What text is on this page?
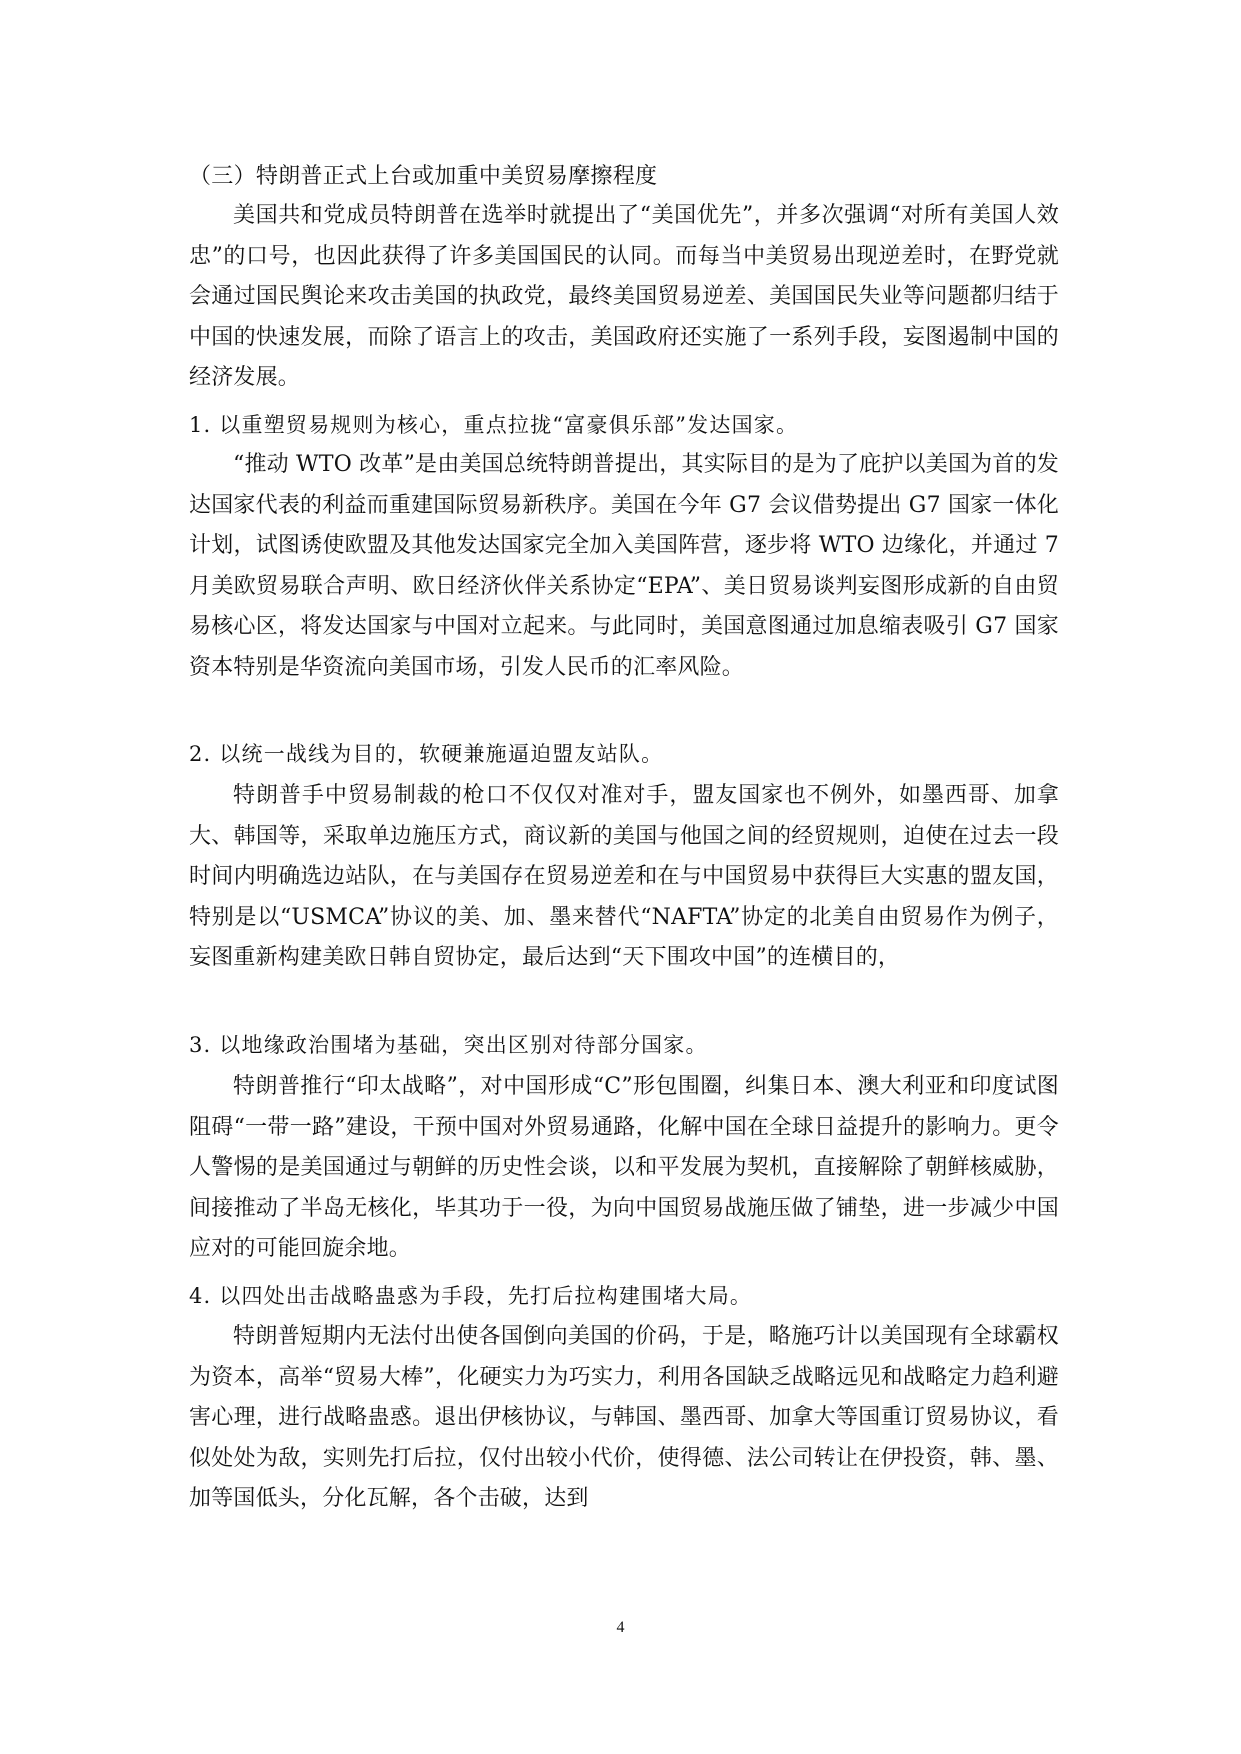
（三）特朗普正式上台或加重中美贸易摩擦程度

美国共和党成员特朗普在选举时就提出了“美国优先”，并多次强调“对所有美国人效忠”的口号，也因此获得了许多美国国民的认同。而每当中美贸易出现逆差时，在野党就会通过国民舆论来攻击美国的执政党，最终美国贸易逆差、美国国民失业等问题都归结于中国的快速发展，而除了语言上的攻击，美国政府还实施了一系列手段，妄图遏制中国的经济发展。

1. 以重塑贸易规则为核心，重点拉拢“富豪俱乐部”发达国家。

“推动 WTO 改革”是由美国总统特朗普提出，其实际目的是为了庇护以美国为首的发达国家代表的利益而重建国际贸易新秩序。美国在今年 G7 会议借势提出 G7 国家一体化计划，试图诱使欧盟及其他发达国家完全加入美国阵营，逐步将 WTO 边缘化，并通过 7 月美欧贸易联合声明、欧日经济伙伴关系协定“EPA”、美日贸易谈判妄图形成新的自由贸易核心区，将发达国家与中国对立起来。与此同时，美国意图通过加息缩表吸引 G7 国家资本特别是华资流向美国市场，引发人民币的汇率风险。

2. 以统一战线为目的，软硬兼施逼迫盟友站队。

特朗普手中贸易制裁的枪口不仅仅对准对手，盟友国家也不例外，如墨西哥、加拿大、韩国等，采取单边施压方式，商议新的美国与他国之间的经贸规则，迫使在过去一段时间内明确选边站队，在与美国存在贸易逆差和在与中国贸易中获得巨大实惠的盟友国，特别是以“USMCA”协议的美、加、墨来替代“NAFTA”协定的北美自由贸易作为例子，妄图重新构建美欧日韩自贸协定，最后达到“天下围攻中国”的连横目的，

3. 以地缘政治围堵为基础，突出区别对待部分国家。

特朗普推行“印太战略”，对中国形成“C”形包围圈，纠集日本、澳大利亚和印度试图阻碍“一带一路”建设，干预中国对外贸易通路，化解中国在全球日益提升的影响力。更令人警惕的是美国通过与朝鲜的历史性会谈，以和平发展为契机，直接解除了朝鲜核威胁，间接推动了半岛无核化，毕其功于一役，为向中国贸易战施压做了铺垫，进一步减少中国应对的可能回旋余地。

4. 以四处出击战略蛊惑为手段，先打后拉构建围堵大局。

特朗普短期内无法付出使各国倒向美国的价码，于是，略施巧计以美国现有全球霸权为资本，高举“贸易大棒”，化硬实力为巧实力，利用各国缺乏战略远见和战略定力趋利避害心理，进行战略蛊惑。退出伊核协议，与韩国、墨西哥、加拿大等国重订贸易协议，看似处处为敌，实则先打后拉，仅付出较小代价，使得德、法公司转让在伊投资，韩、墨、加等国低头，分化瓦解，各个击破，达到

4
